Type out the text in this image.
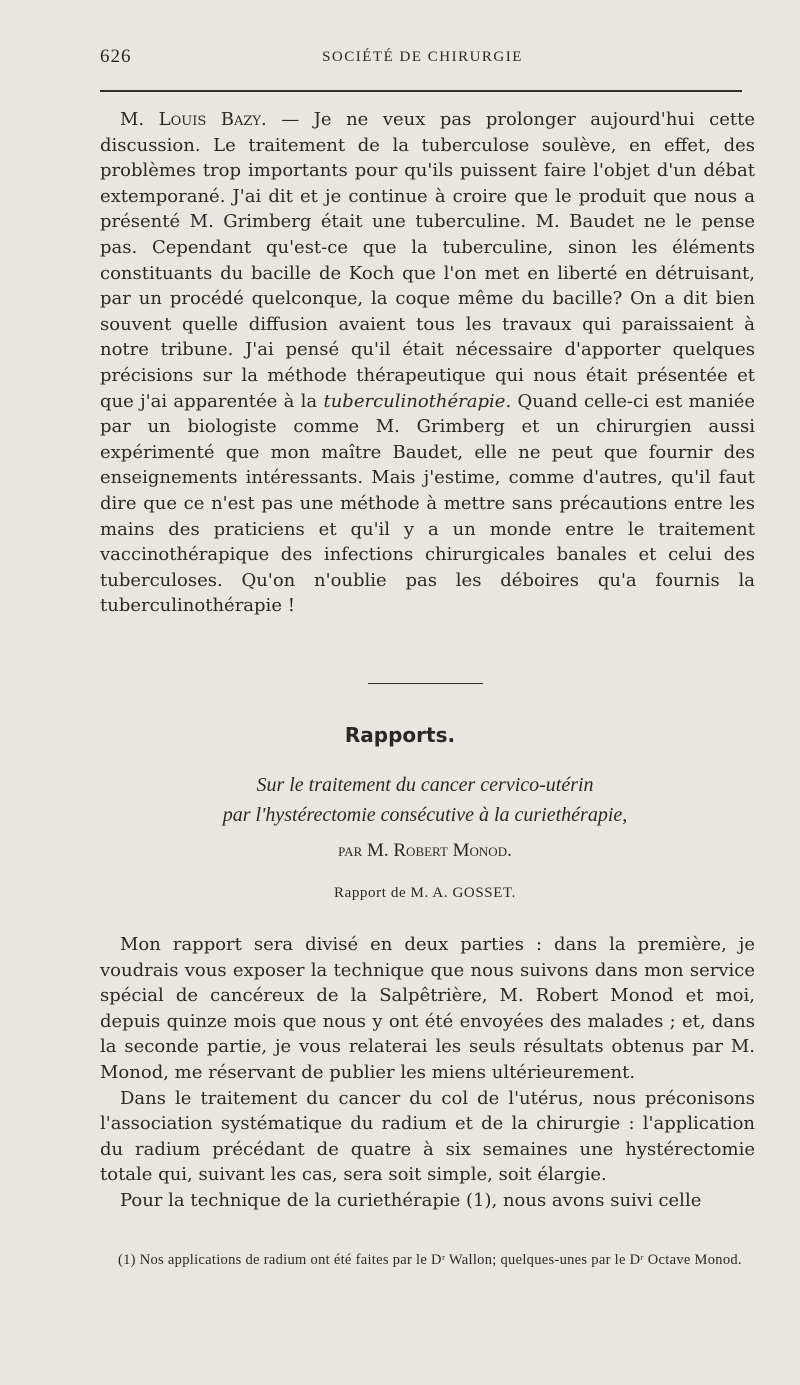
626	SOCIÉTÉ DE CHIRURGIE

M. Louis Bazy. — Je ne veux pas prolonger aujourd'hui cette discussion. Le traitement de la tuberculose soulève, en effet, des problèmes trop importants pour qu'ils puissent faire l'objet d'un débat extemporané. J'ai dit et je continue à croire que le produit que nous a présenté M. Grimberg était une tuberculine. M. Baudet ne le pense pas. Cependant qu'est-ce que la tuberculine, sinon les éléments constituants du bacille de Koch que l'on met en liberté en détruisant, par un procédé quelconque, la coque même du bacille? On a dit bien souvent quelle diffusion avaient tous les travaux qui paraissaient à notre tribune. J'ai pensé qu'il était nécessaire d'apporter quelques précisions sur la méthode thérapeutique qui nous était présentée et que j'ai apparentée à la tuberculinothérapie. Quand celle-ci est maniée par un biologiste comme M. Grimberg et un chirurgien aussi expérimenté que mon maître Baudet, elle ne peut que fournir des enseignements intéressants. Mais j'estime, comme d'autres, qu'il faut dire que ce n'est pas une méthode à mettre sans précautions entre les mains des praticiens et qu'il y a un monde entre le traitement vaccinothérapique des infections chirurgicales banales et celui des tuberculoses. Qu'on n'oublie pas les déboires qu'a fournis la tuberculinothérapie !

Rapports.
Sur le traitement du cancer cervico-utérin
par l'hystérectomie consécutive à la curiethérapie,
par M. Robert Monod.
Rapport de M. A. GOSSET.

Mon rapport sera divisé en deux parties : dans la première, je voudrais vous exposer la technique que nous suivons dans mon service spécial de cancéreux de la Salpêtrière, M. Robert Monod et moi, depuis quinze mois que nous y ont été envoyées des malades ; et, dans la seconde partie, je vous relaterai les seuls résultats obtenus par M. Monod, me réservant de publier les miens ultérieurement.

Dans le traitement du cancer du col de l'utérus, nous préconisons l'association systématique du radium et de la chirurgie : l'application du radium précédant de quatre à six semaines une hystérectomie totale qui, suivant les cas, sera soit simple, soit élargie.

Pour la technique de la curiethérapie (1), nous avons suivi celle

(1) Nos applications de radium ont été faites par le Dʳ Wallon; quelques-unes par le Dʳ Octave Monod.
